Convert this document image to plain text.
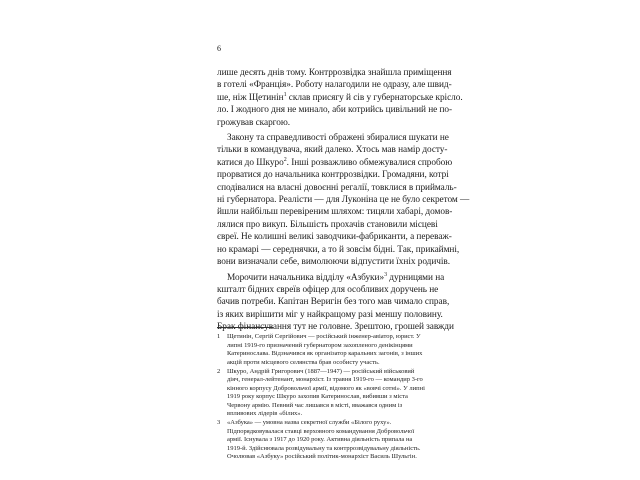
6
лише десять днів тому. Контррозвідка знайшла приміщення
в готелі «Франція». Роботу налагодили не одразу, але швид-
ше, ніж Щетинін$^1$ склав присягу й сів у губернаторське крісло.
ло. І жодного дня не минало, аби котрийсь цивільний не по-
грожував скаргою.
Закону та справедливості ображені збиралися шукати не
тільки в командувача, який далеко. Хтось мав намір досту-
катися до Шкуро$^2$. Інші розважливо обмежувалися спробою
прорватися до начальника контррозвідки. Громадяни, котрі
сподівалися на власні довоєнні регалії, товклися в приймаль-
ні губернатора. Реалісти — для Луконіна це не було секретом —
йшли найбільш перевіреним шляхом: тицяли хабарі, домов-
лялися про викуп. Більшість прохачів становили місцеві
євреї. Не колишні великі заводчики-фабриканти, а переваж-
но крамарі — середнячки, а то й зовсім бідні. Так, прикаймні,
вони визначали себе, вимолюючи відпустити їхніх родичів.
Морочити начальника відділу «Азбуки»$^3$ дурницями на
кшталт бідних євреїв офіцер для особливих доручень не
бачив потреби. Капітан Веригін без того мав чимало справ,
із яких вирішити міг у найкращому разі меншу половину.
Брак фінансування тут не головне. Зрештою, грошей завжди
1 Щетинін, Сергій Сергійович — російський інженер-авіатор, юрист. У липні 1919-го призначений губернатором захопленого денікінцями Катеринослава. Відзначився як організатор каральних загонів, з інших акцій проти місцевого селянства брав особисту участь.
2 Шкуро, Андрій Григорович (1887—1947) — російський військовий діяч, генерал-лейтенант, монархіст. Із травня 1919-го — командир 3-го кінного корпусу Добровольчої армії, відомого як «вовчі сотні». У липні 1919 року корпус Шкуро захопив Катеринослав, вибивши з міста Червону армію. Певний час лишався в місті, вважався одним із впливових лідерів «білих».
3 «Азбука» — умовна назва секретної служби «Білого руху». Підпорядковувалася ставці верховного командування Добровольчої армії. Існувала з 1917 до 1920 року. Активна діяльність припала на 1919-й. Здійснювала розвідувальну та контррозвідувальну діяльність. Очолював «Азбуку» російський політик-монархіст Василь Шульгін.
